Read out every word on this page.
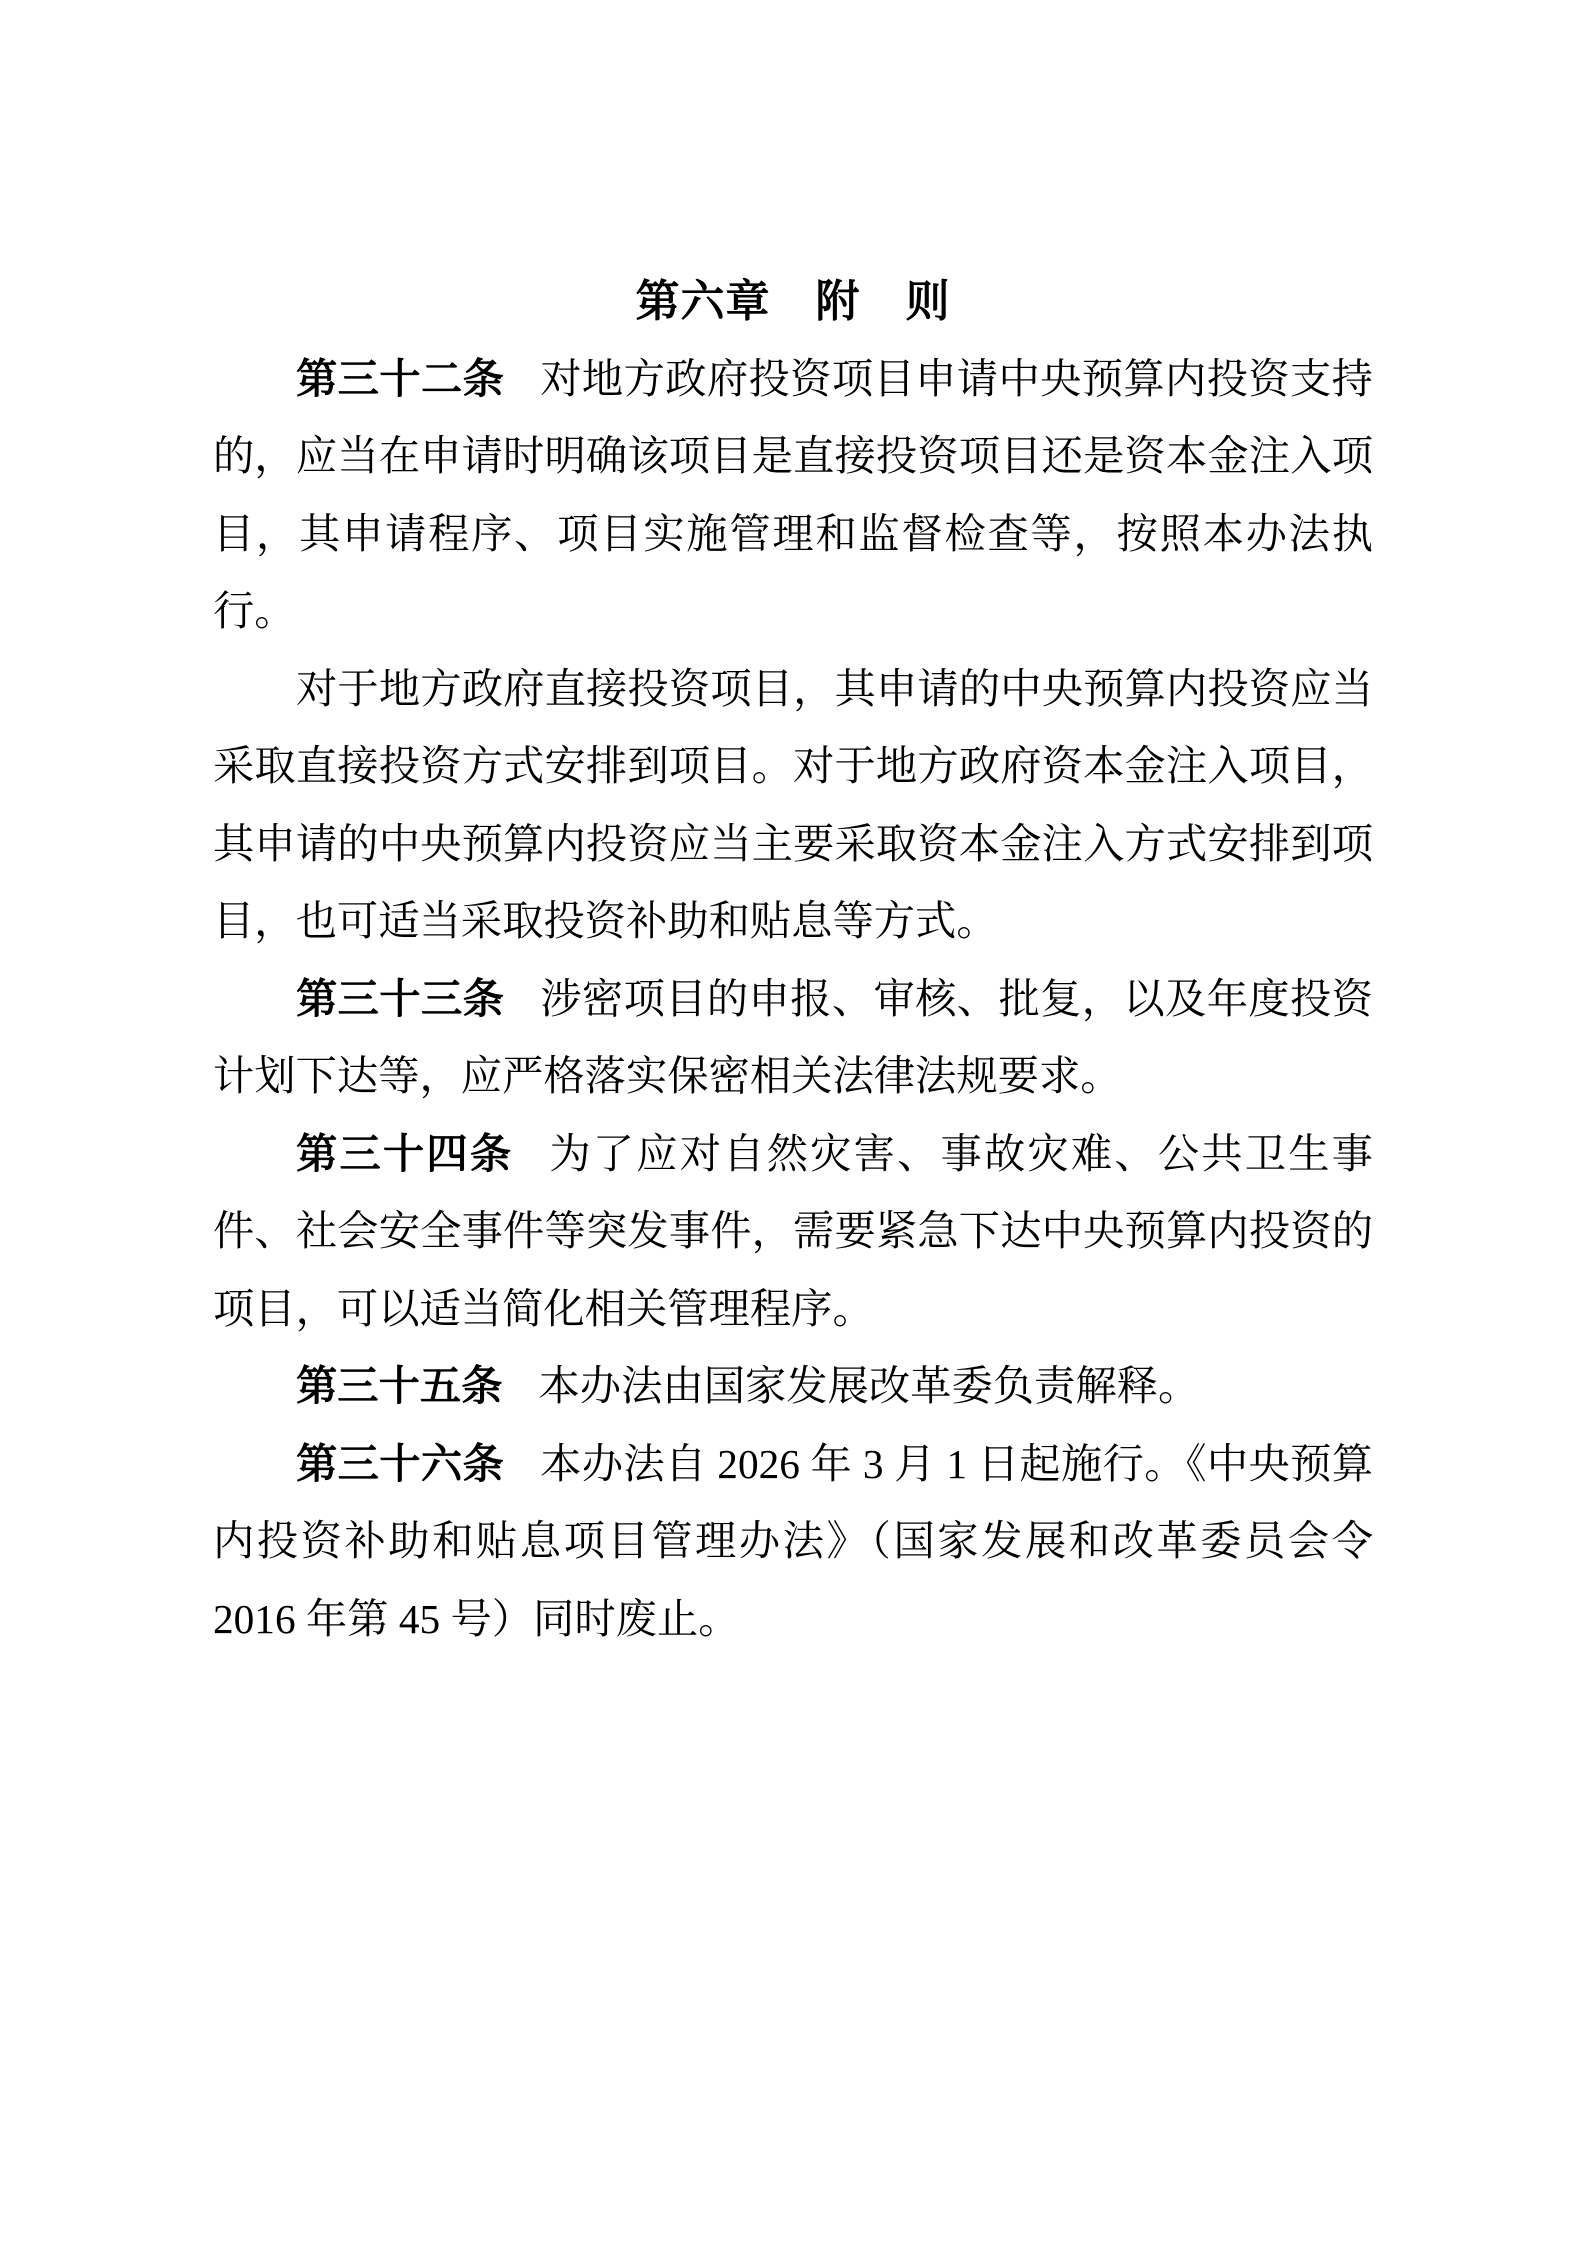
第六章　附　则

第三十二条 对地方政府投资项目申请中央预算内投资支持的，应当在申请时明确该项目是直接投资项目还是资本金注入项目，其申请程序、项目实施管理和监督检查等，按照本办法执行。

对于地方政府直接投资项目，其申请的中央预算内投资应当采取直接投资方式安排到项目。对于地方政府资本金注入项目，其申请的中央预算内投资应当主要采取资本金注入方式安排到项目，也可适当采取投资补助和贴息等方式。

第三十三条 涉密项目的申报、审核、批复，以及年度投资计划下达等，应严格落实保密相关法律法规要求。

第三十四条 为了应对自然灾害、事故灾难、公共卫生事件、社会安全事件等突发事件，需要紧急下达中央预算内投资的项目，可以适当简化相关管理程序。

第三十五条 本办法由国家发展改革委负责解释。

第三十六条 本办法自 2026 年 3 月 1 日起施行。《中央预算内投资补助和贴息项目管理办法》（国家发展和改革委员会令 2016 年第 45 号）同时废止。
